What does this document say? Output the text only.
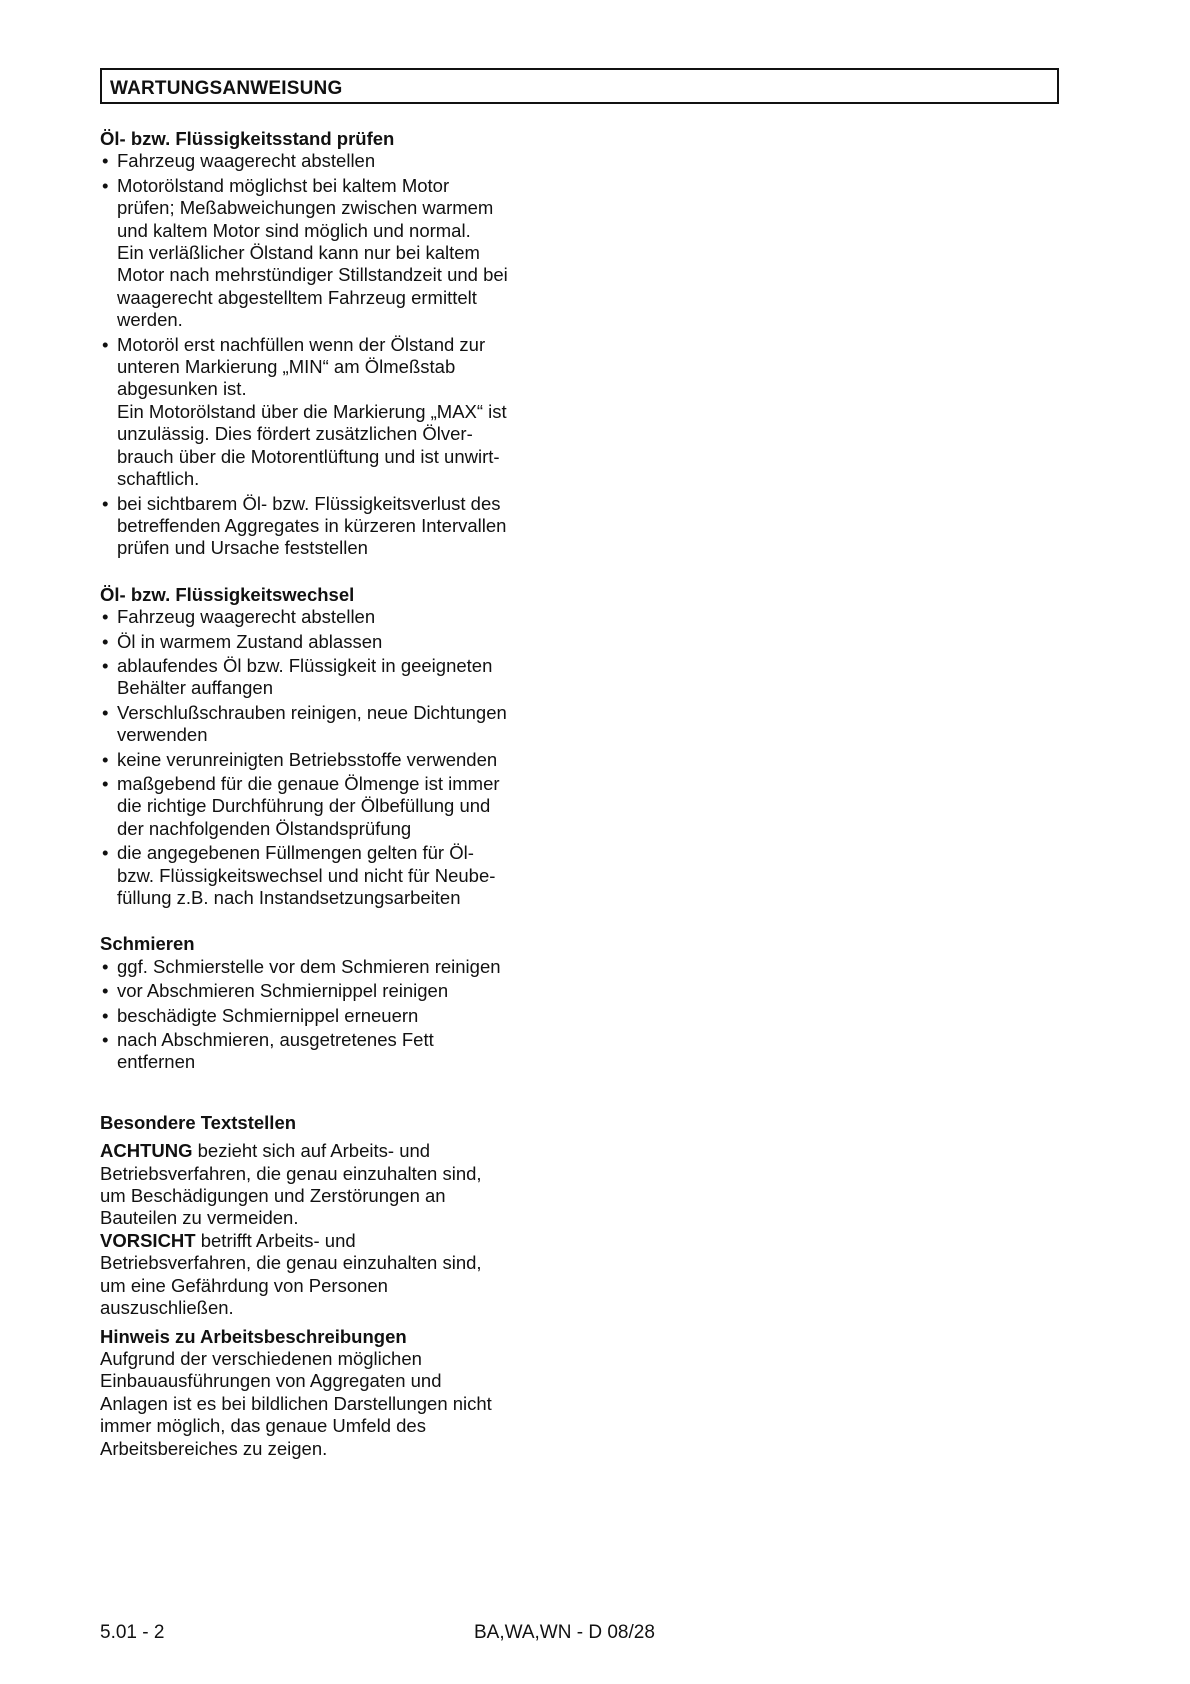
WARTUNGSANWEISUNG

Öl- bzw. Flüssigkeitsstand prüfen

• Fahrzeug waagerecht abstellen
• Motorölstand möglichst bei kaltem Motor
prüfen; Meßabweichungen zwischen warmem
und kaltem Motor sind möglich und normal.
Ein verläßlicher Ölstand kann nur bei kaltem
Motor nach mehrstündiger Stillstandzeit und bei
waagerecht abgestelltem Fahrzeug ermittelt
werden.
• Motoröl erst nachfüllen wenn der Ölstand zur
unteren Markierung „MIN“ am Ölmeßstab
abgesunken ist.
Ein Motorölstand über die Markierung „MAX“ ist
unzulässig. Dies fördert zusätzlichen Ölver-
brauch über die Motorentlüftung und ist unwirt-
schaftlich.
• bei sichtbarem Öl- bzw. Flüssigkeitsverlust des
betreffenden Aggregates in kürzeren Intervallen
prüfen und Ursache feststellen

Öl- bzw. Flüssigkeitswechsel

• Fahrzeug waagerecht abstellen
• Öl in warmem Zustand ablassen
• ablaufendes Öl bzw. Flüssigkeit in geeigneten
Behälter auffangen
• Verschlußschrauben reinigen, neue Dichtungen
verwenden
• keine verunreinigten Betriebsstoffe verwenden
• maßgebend für die genaue Ölmenge ist immer
die richtige Durchführung der Ölbefüllung und
der nachfolgenden Ölstandsprüfung
• die angegebenen Füllmengen gelten für Öl-
bzw. Flüssigkeitswechsel und nicht für Neube-
füllung z.B. nach Instandsetzungsarbeiten

Schmieren

• ggf. Schmierstelle vor dem Schmieren reinigen
• vor Abschmieren Schmiernippel reinigen
• beschädigte Schmiernippel erneuern
• nach Abschmieren, ausgetretenes Fett
entfernen

Besondere Textstellen

ACHTUNG bezieht sich auf Arbeits- und
Betriebsverfahren, die genau einzuhalten sind,
um Beschädigungen und Zerstörungen an
Bauteilen zu vermeiden.

VORSICHT betrifft Arbeits- und
Betriebsverfahren, die genau einzuhalten sind,
um eine Gefährdung von Personen
auszuschließen.

Hinweis zu Arbeitsbeschreibungen

Aufgrund der verschiedenen möglichen
Einbauausführungen von Aggregaten und
Anlagen ist es bei bildlichen Darstellungen nicht
immer möglich, das genaue Umfeld des
Arbeitsbereiches zu zeigen.

5.01 - 2	BA,WA,WN - D 08/28
